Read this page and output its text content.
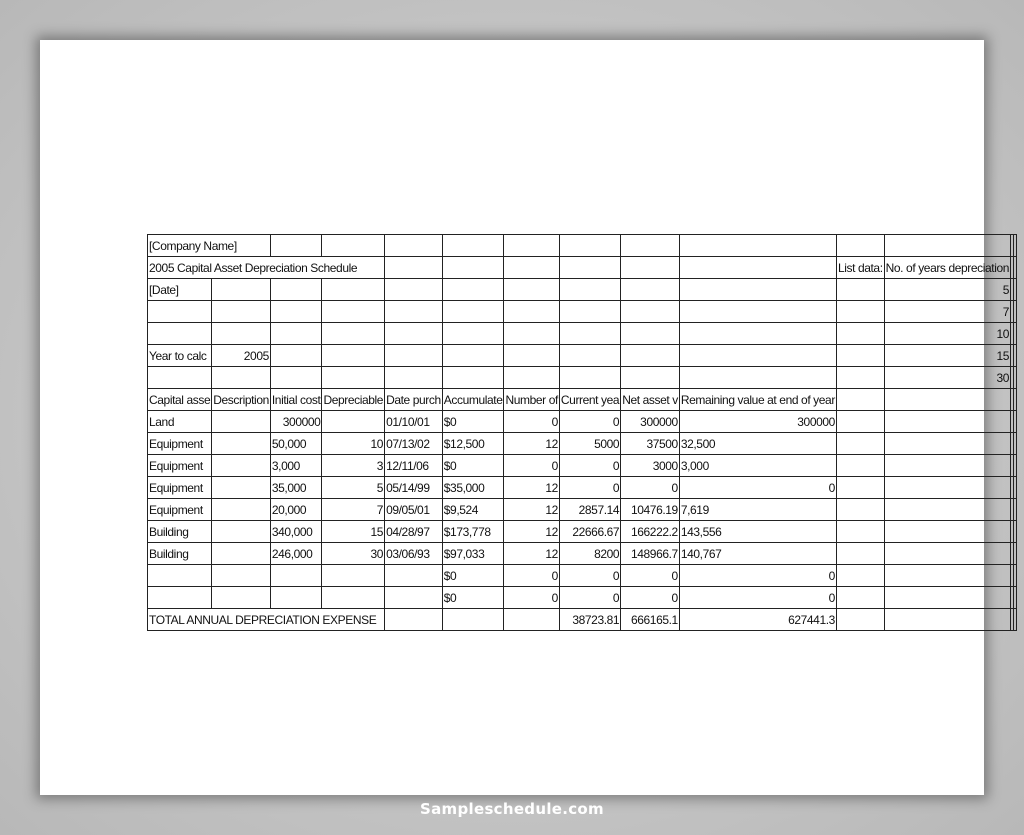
[Company Name]													
2005 Capital Asset Depreciation Schedule										List data:	No. of years depreciation		
[Date]											5		
											7		
											10		
Year to calc	2005										15		
											30		
Capital asse	Description	Initial cost	Depreciable	Date purch	Accumulate	Number of	Current yea	Net asset v	Remaining value at end of year				
Land		300000		01/10/01	$0	0	0	300000	300000				
Equipment		50,000	10	07/13/02	$12,500	12	5000	37500	32,500				
Equipment		3,000	3	12/11/06	$0	0	0	3000	3,000				
Equipment		35,000	5	05/14/99	$35,000	12	0	0	0				
Equipment		20,000	7	09/05/01	$9,524	12	2857.14	10476.19	7,619				
Building		340,000	15	04/28/97	$173,778	12	22666.67	166222.2	143,556				
Building		246,000	30	03/06/93	$97,033	12	8200	148966.7	140,767				
					$0	0	0	0	0				
					$0	0	0	0	0				
TOTAL ANNUAL DEPRECIATION EXPENSE							38723.81	666165.1	627441.3				
Sampleschedule.com
